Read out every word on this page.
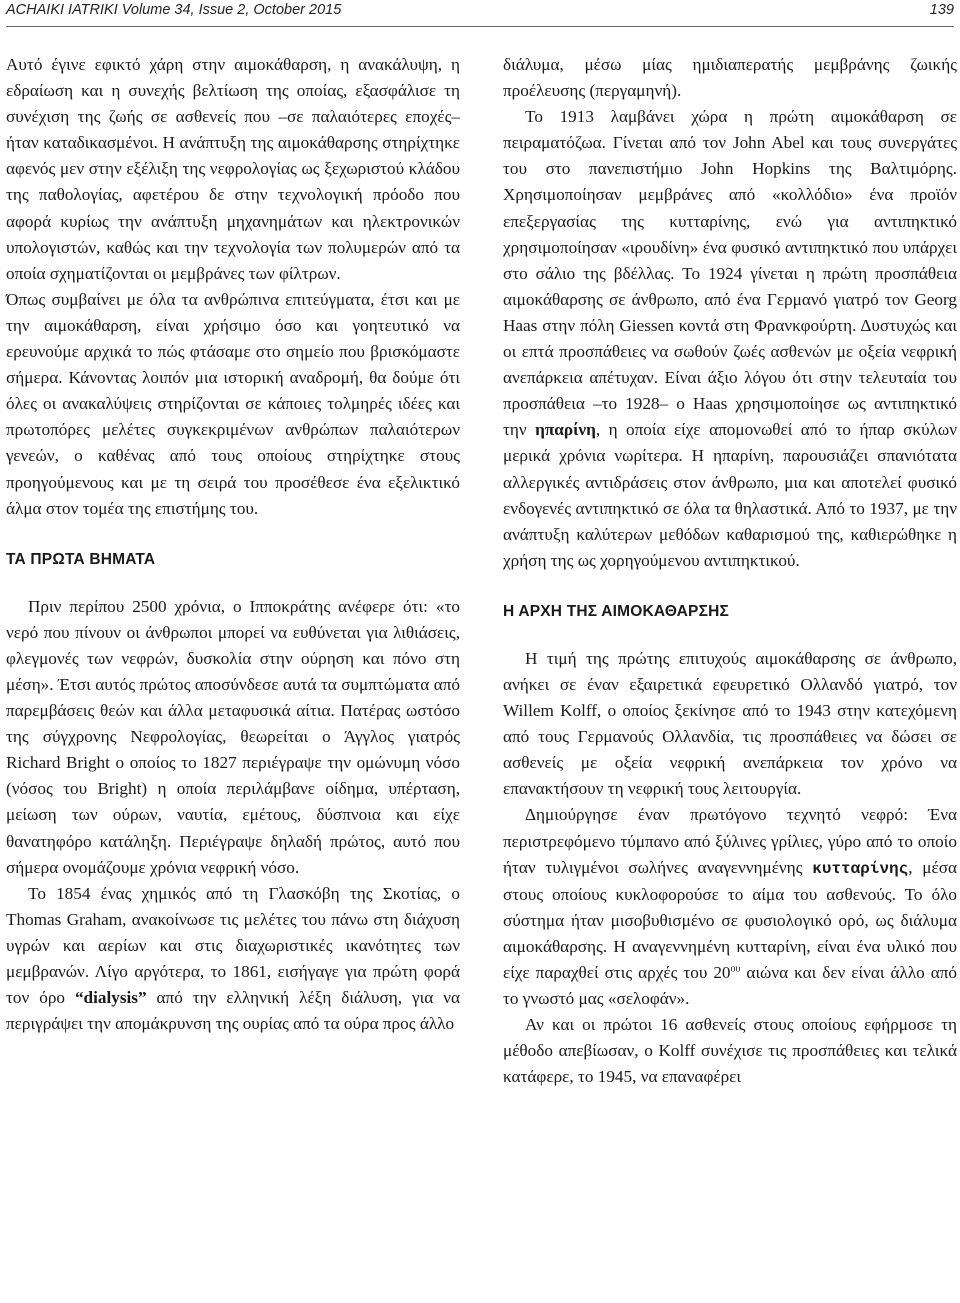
ACHAIKI IATRIKI Volume 34, Issue 2, October 2015	139

Αυτό έγινε εφικτό χάρη στην αιμοκάθαρση, η ανακάλυψη, η εδραίωση και η συνεχής βελτίωση της οποίας, εξασφάλισε τη συνέχιση της ζωής σε ασθενείς που –σε παλαιότερες εποχές– ήταν καταδικασμένοι. Η ανάπτυξη της αιμοκάθαρσης στηρίχτηκε αφενός μεν στην εξέλιξη της νεφρολογίας ως ξεχωριστού κλάδου της παθολογίας, αφετέρου δε στην τεχνολογική πρόοδο που αφορά κυρίως την ανάπτυξη μηχανημάτων και ηλεκτρονικών υπολογιστών, καθώς και την τεχνολογία των πολυμερών από τα οποία σχηματίζονται οι μεμβράνες των φίλτρων.

Όπως συμβαίνει με όλα τα ανθρώπινα επιτεύγματα, έτσι και με την αιμοκάθαρση, είναι χρήσιμο όσο και γοητευτικό να ερευνούμε αρχικά το πώς φτάσαμε στο σημείο που βρισκόμαστε σήμερα. Κάνοντας λοιπόν μια ιστορική αναδρομή, θα δούμε ότι όλες οι ανακαλύψεις στηρίζονται σε κάποιες τολμηρές ιδέες και πρωτοπόρες μελέτες συγκεκριμένων ανθρώπων παλαιότερων γενεών, ο καθένας από τους οποίους στηρίχτηκε στους προηγούμενους και με τη σειρά του προσέθεσε ένα εξελικτικό άλμα στον τομέα της επιστήμης του.

ΤΑ ΠΡΩΤΑ ΒΗΜΑΤΑ

Πριν περίπου 2500 χρόνια, ο Ιπποκράτης ανέφερε ότι: «το νερό που πίνουν οι άνθρωποι μπορεί να ευθύνεται για λιθιάσεις, φλεγμονές των νεφρών, δυσκολία στην ούρηση και πόνο στη μέση». Έτσι αυτός πρώτος αποσύνδεσε αυτά τα συμπτώματα από παρεμβάσεις θεών και άλλα μεταφυσικά αίτια. Πατέρας ωστόσο της σύγχρονης Νεφρολογίας, θεωρείται ο Άγγλος γιατρός Richard Bright ο οποίος το 1827 περιέγραψε την ομώνυμη νόσο (νόσος του Bright) η οποία περιλάμβανε οίδημα, υπέρταση, μείωση των ούρων, ναυτία, εμέτους, δύσπνοια και είχε θανατηφόρο κατάληξη. Περιέγραψε δηλαδή πρώτος, αυτό που σήμερα ονομάζουμε χρόνια νεφρική νόσο.

Το 1854 ένας χημικός από τη Γλασκόβη της Σκοτίας, ο Thomas Graham, ανακοίνωσε τις μελέτες του πάνω στη διάχυση υγρών και αερίων και στις διαχωριστικές ικανότητες των μεμβρανών. Λίγο αργότερα, το 1861, εισήγαγε για πρώτη φορά τον όρο “dialysis” από την ελληνική λέξη διάλυση, για να περιγράψει την απομάκρυνση της ουρίας από τα ούρα προς άλλο

διάλυμα, μέσω μίας ημιδιαπερατής μεμβράνης ζωικής προέλευσης (περγαμηνή).

Το 1913 λαμβάνει χώρα η πρώτη αιμοκάθαρση σε πειραματόζωα. Γίνεται από τον John Abel και τους συνεργάτες του στο πανεπιστήμιο John Hopkins της Βαλτιμόρης. Χρησιμοποίησαν μεμβράνες από «κολλόδιο» ένα προϊόν επεξεργασίας της κυτταρίνης, ενώ για αντιπηκτικό χρησιμοποίησαν «ιρουδίνη» ένα φυσικό αντιπηκτικό που υπάρχει στο σάλιο της βδέλλας. Το 1924 γίνεται η πρώτη προσπάθεια αιμοκάθαρσης σε άνθρωπο, από ένα Γερμανό γιατρό τον Georg Haas στην πόλη Giessen κοντά στη Φρανκφούρτη. Δυστυχώς και οι επτά προσπάθειες να σωθούν ζωές ασθενών με οξεία νεφρική ανεπάρκεια απέτυχαν. Είναι άξιο λόγου ότι στην τελευταία του προσπάθεια –το 1928– ο Haas χρησιμοποίησε ως αντιπηκτικό την ηπαρίνη, η οποία είχε απομονωθεί από το ήπαρ σκύλων μερικά χρόνια νωρίτερα. Η ηπαρίνη, παρουσιάζει σπανιότατα αλλεργικές αντιδράσεις στον άνθρωπο, μια και αποτελεί φυσικό ενδογενές αντιπηκτικό σε όλα τα θηλαστικά. Από το 1937, με την ανάπτυξη καλύτερων μεθόδων καθαρισμού της, καθιερώθηκε η χρήση της ως χορηγούμενου αντιπηκτικού.

Η ΑΡΧΗ ΤΗΣ ΑΙΜΟΚΑΘΑΡΣΗΣ

Η τιμή της πρώτης επιτυχούς αιμοκάθαρσης σε άνθρωπο, ανήκει σε έναν εξαιρετικά εφευρετικό Ολλανδό γιατρό, τον Willem Kolff, ο οποίος ξεκίνησε από το 1943 στην κατεχόμενη από τους Γερμανούς Ολλανδία, τις προσπάθειες να δώσει σε ασθενείς με οξεία νεφρική ανεπάρκεια τον χρόνο να επανακτήσουν τη νεφρική τους λειτουργία.

Δημιούργησε έναν πρωτόγονο τεχνητό νεφρό: Ένα περιστρεφόμενο τύμπανο από ξύλινες γρίλιες, γύρο από το οποίο ήταν τυλιγμένοι σωλήνες αναγεννημένης κυτταρίνης, μέσα στους οποίους κυκλοφορούσε το αίμα του ασθενούς. Το όλο σύστημα ήταν μισοβυθισμένο σε φυσιολογικό ορό, ως διάλυμα αιμοκάθαρσης. Η αναγεννημένη κυτταρίνη, είναι ένα υλικό που είχε παραχθεί στις αρχές του $20^{o\upsilon}$ αιώνα και δεν είναι άλλο από το γνωστό μας «σελοφάν».

Αν και οι πρώτοι 16 ασθενείς στους οποίους εφήρμοσε τη μέθοδο απεβίωσαν, ο Kolff συνέχισε τις προσπάθειες και τελικά κατάφερε, το 1945, να επαναφέρει
